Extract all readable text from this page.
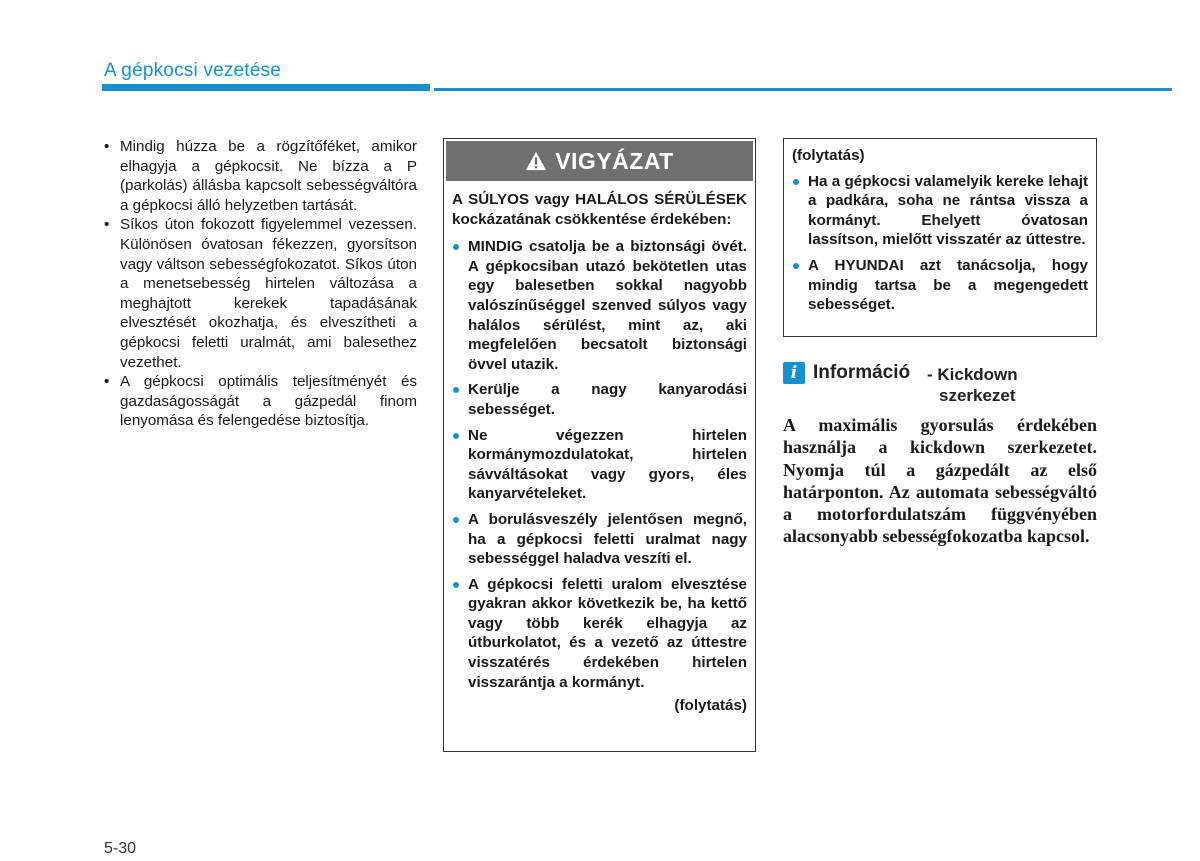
A gépkocsi vezetése
• Mindig húzza be a rögzítőféket, amikor elhagyja a gépkocsit. Ne bízza a P (parkolás) állásba kapcsolt sebességváltóra a gépkocsi álló helyzetben tartását.
• Síkos úton fokozott figyelemmel vezessen. Különösen óvatosan fékezzen, gyorsítson vagy váltson sebességfokozatot. Síkos úton a menetsebesség hirtelen változása a meghajtott kerekek tapadásának elvesztését okozhatja, és elveszítheti a gépkocsi feletti uralmát, ami balesethez vezethet.
• A gépkocsi optimális teljesítményét és gazdaságosságát a gázpedál finom lenyomása és felengedése biztosítja.
VIGYÁZAT
A SÚLYOS vagy HALÁLOS SÉRÜLÉSEK kockázatának csökkentése érdekében:
MINDIG csatolja be a biztonsági övét. A gépkocsiban utazó bekötetlen utas egy balesetben sokkal nagyobb valószínűséggel szenved súlyos vagy halálos sérülést, mint az, aki megfelelően becsatolt biztonsági övvel utazik.
Kerülje a nagy kanyarodási sebességet.
Ne végezzen hirtelen kormánymozdulatokat, hirtelen sávváltásokat vagy gyors, éles kanyarvételeket.
A borulásveszély jelentősen megnő, ha a gépkocsi feletti uralmat nagy sebességgel haladva veszíti el.
A gépkocsi feletti uralom elvesztése gyakran akkor következik be, ha kettő vagy több kerék elhagyja az útburkolatot, és a vezető az úttestre visszatérés érdekében hirtelen visszarántja a kormányt.
(folytatás)
(folytatás)
Ha a gépkocsi valamelyik kereke lehajt a padkára, soha ne rántsa vissza a kormányt. Ehelyett óvatosan lassítson, mielőtt visszatér az úttestre.
A HYUNDAI azt tanácsolja, hogy mindig tartsa be a megengedett sebességet.
i Információ - Kickdown
szerkezet
A maximális gyorsulás érdekében használja a kickdown szerkezetet. Nyomja túl a gázpedált az első határponton. Az automata sebességváltó a motorfordulatszám függvényében alacsonyabb sebességfokozatba kapcsol.
5-30
